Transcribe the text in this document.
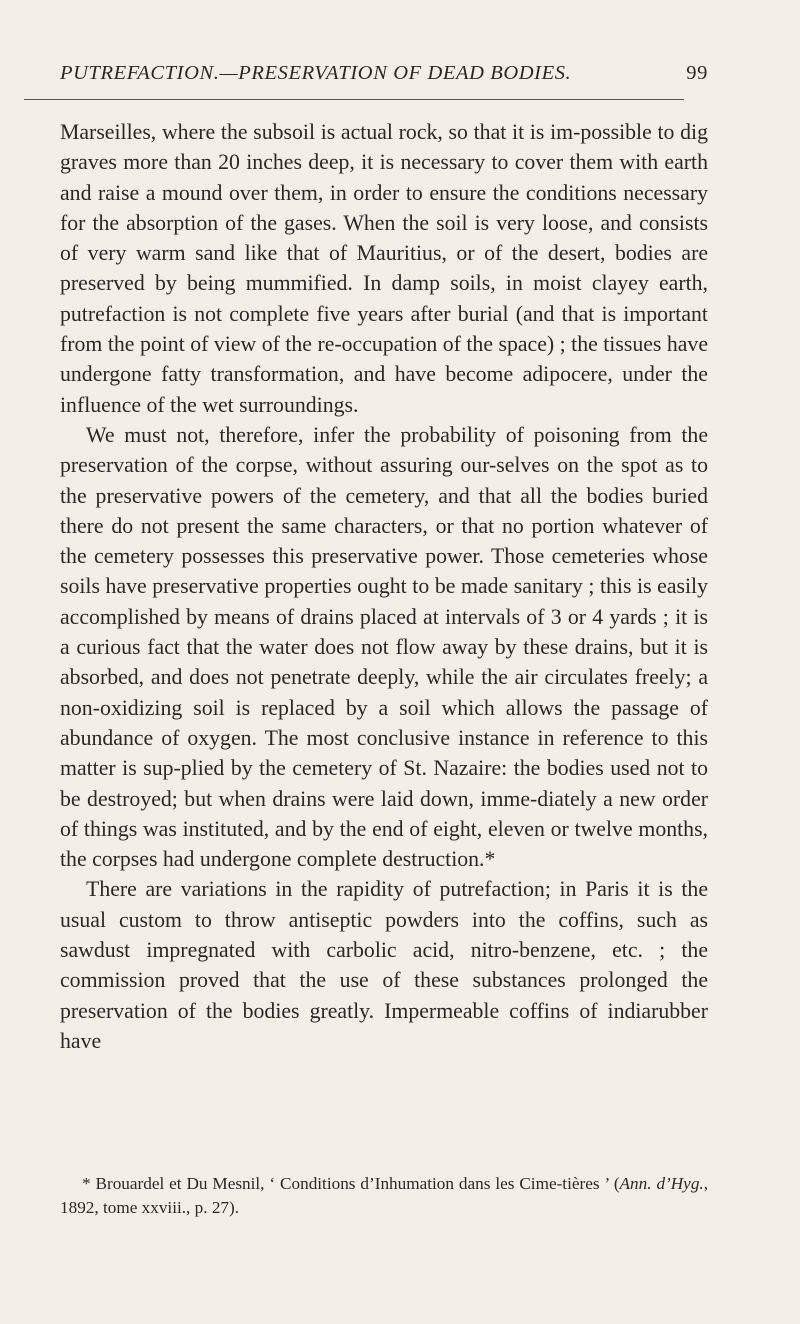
PUTREFACTION.—PRESERVATION OF DEAD BODIES.	99

Marseilles, where the subsoil is actual rock, so that it is im-possible to dig graves more than 20 inches deep, it is necessary to cover them with earth and raise a mound over them, in order to ensure the conditions necessary for the absorption of the gases. When the soil is very loose, and consists of very warm sand like that of Mauritius, or of the desert, bodies are preserved by being mummified. In damp soils, in moist clayey earth, putrefaction is not complete five years after burial (and that is important from the point of view of the re-occupation of the space) ; the tissues have undergone fatty transformation, and have become adipocere, under the influence of the wet surroundings.

We must not, therefore, infer the probability of poisoning from the preservation of the corpse, without assuring our-selves on the spot as to the preservative powers of the cemetery, and that all the bodies buried there do not present the same characters, or that no portion whatever of the cemetery possesses this preservative power. Those cemeteries whose soils have preservative properties ought to be made sanitary ; this is easily accomplished by means of drains placed at intervals of 3 or 4 yards ; it is a curious fact that the water does not flow away by these drains, but it is absorbed, and does not penetrate deeply, while the air circulates freely; a non-oxidizing soil is replaced by a soil which allows the passage of abundance of oxygen. The most conclusive instance in reference to this matter is sup-plied by the cemetery of St. Nazaire: the bodies used not to be destroyed; but when drains were laid down, imme-diately a new order of things was instituted, and by the end of eight, eleven or twelve months, the corpses had undergone complete destruction.*

There are variations in the rapidity of putrefaction; in Paris it is the usual custom to throw antiseptic powders into the coffins, such as sawdust impregnated with carbolic acid, nitro-benzene, etc. ; the commission proved that the use of these substances prolonged the preservation of the bodies greatly. Impermeable coffins of indiarubber have

* Brouardel et Du Mesnil, ‘ Conditions d’Inhumation dans les Cime-tières ’ (Ann. d’Hyg., 1892, tome xxviii., p. 27).
